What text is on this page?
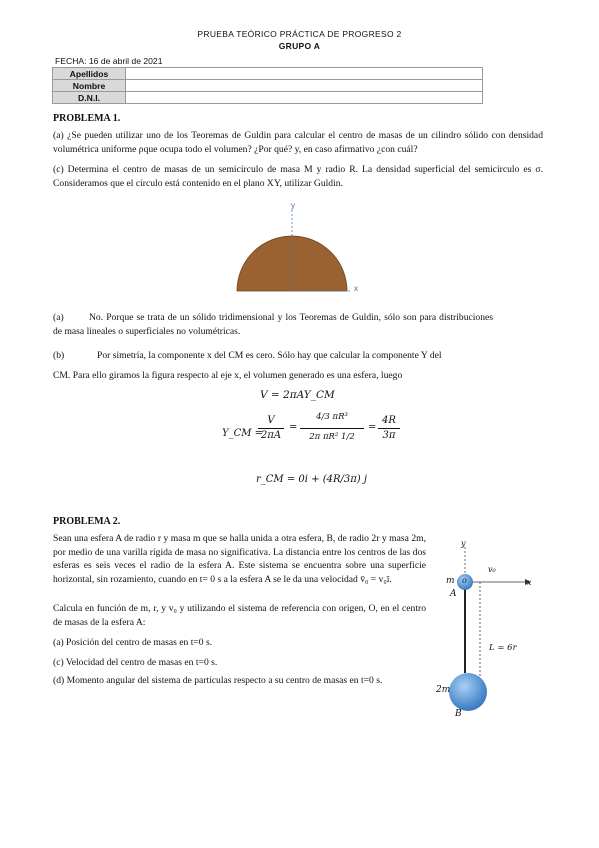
PRUEBA TEÓRICO PRÁCTICA DE PROGRESO 2
GRUPO A
FECHA: 16 de abril de 2021
Apellidos	
Nombre	
D.N.I.	
PROBLEMA 1.
(a) ¿Se pueden utilizar uno de los Teoremas de Guldin para calcular el centro de masas de un cilindro sólido con densidad volumétrica uniforme ρque ocupa todo el volumen? ¿Por qué? y, en caso afirmativo ¿con cuál?
(c) Determina el centro de masas de un semicírculo de masa M y radio R. La densidad superficial del semicírculo es σ. Consideramos que el círculo está contenido en el plano XY, utilizar Guldin.
y
x
(a)	No. Porque se trata de un sólido tridimensional y los Teoremas de Guldin, sólo son para distribuciones de masa lineales o superficiales no volumétricas.
(b)	Por simetría, la componente x del CM es cero. Sólo hay que calcular la componente Y del
CM. Para ello giramos la figura respecto al eje x, el volumen generado es una esfera, luego
V = 2πAY_CM
Y_CM =
V
2πA
=
4/3 πR³
2π πR² 1/2
=
4R
3π
r_CM = 0i + (4R/3π) j
PROBLEMA 2.
Sean una esfera A de radio r y masa m que se halla unida a otra esfera, B, de radio 2r y masa 2m, por medio de una varilla rígida de masa no significativa. La distancia entre los centros de las dos esferas es seis veces el radio de la esfera A. Este sistema se encuentra sobre una superficie horizontal, sin rozamiento, cuando en t= 0 s a la esfera A se le da una velocidad v̄₀ = v₀ī.
Calcula en función de m, r, y v₀ y utilizando el sistema de referencia con origen, O, en el centro de masas de la esfera A:
(a) Posición del centro de masas en t=0 s.
(c) Velocidad del centro de masas en t=0 s.
(d) Momento angular del sistema de partículas respecto a su centro de masas en t=0 s.
y
x
m o
A
v₀
L = 6r
2m
B
